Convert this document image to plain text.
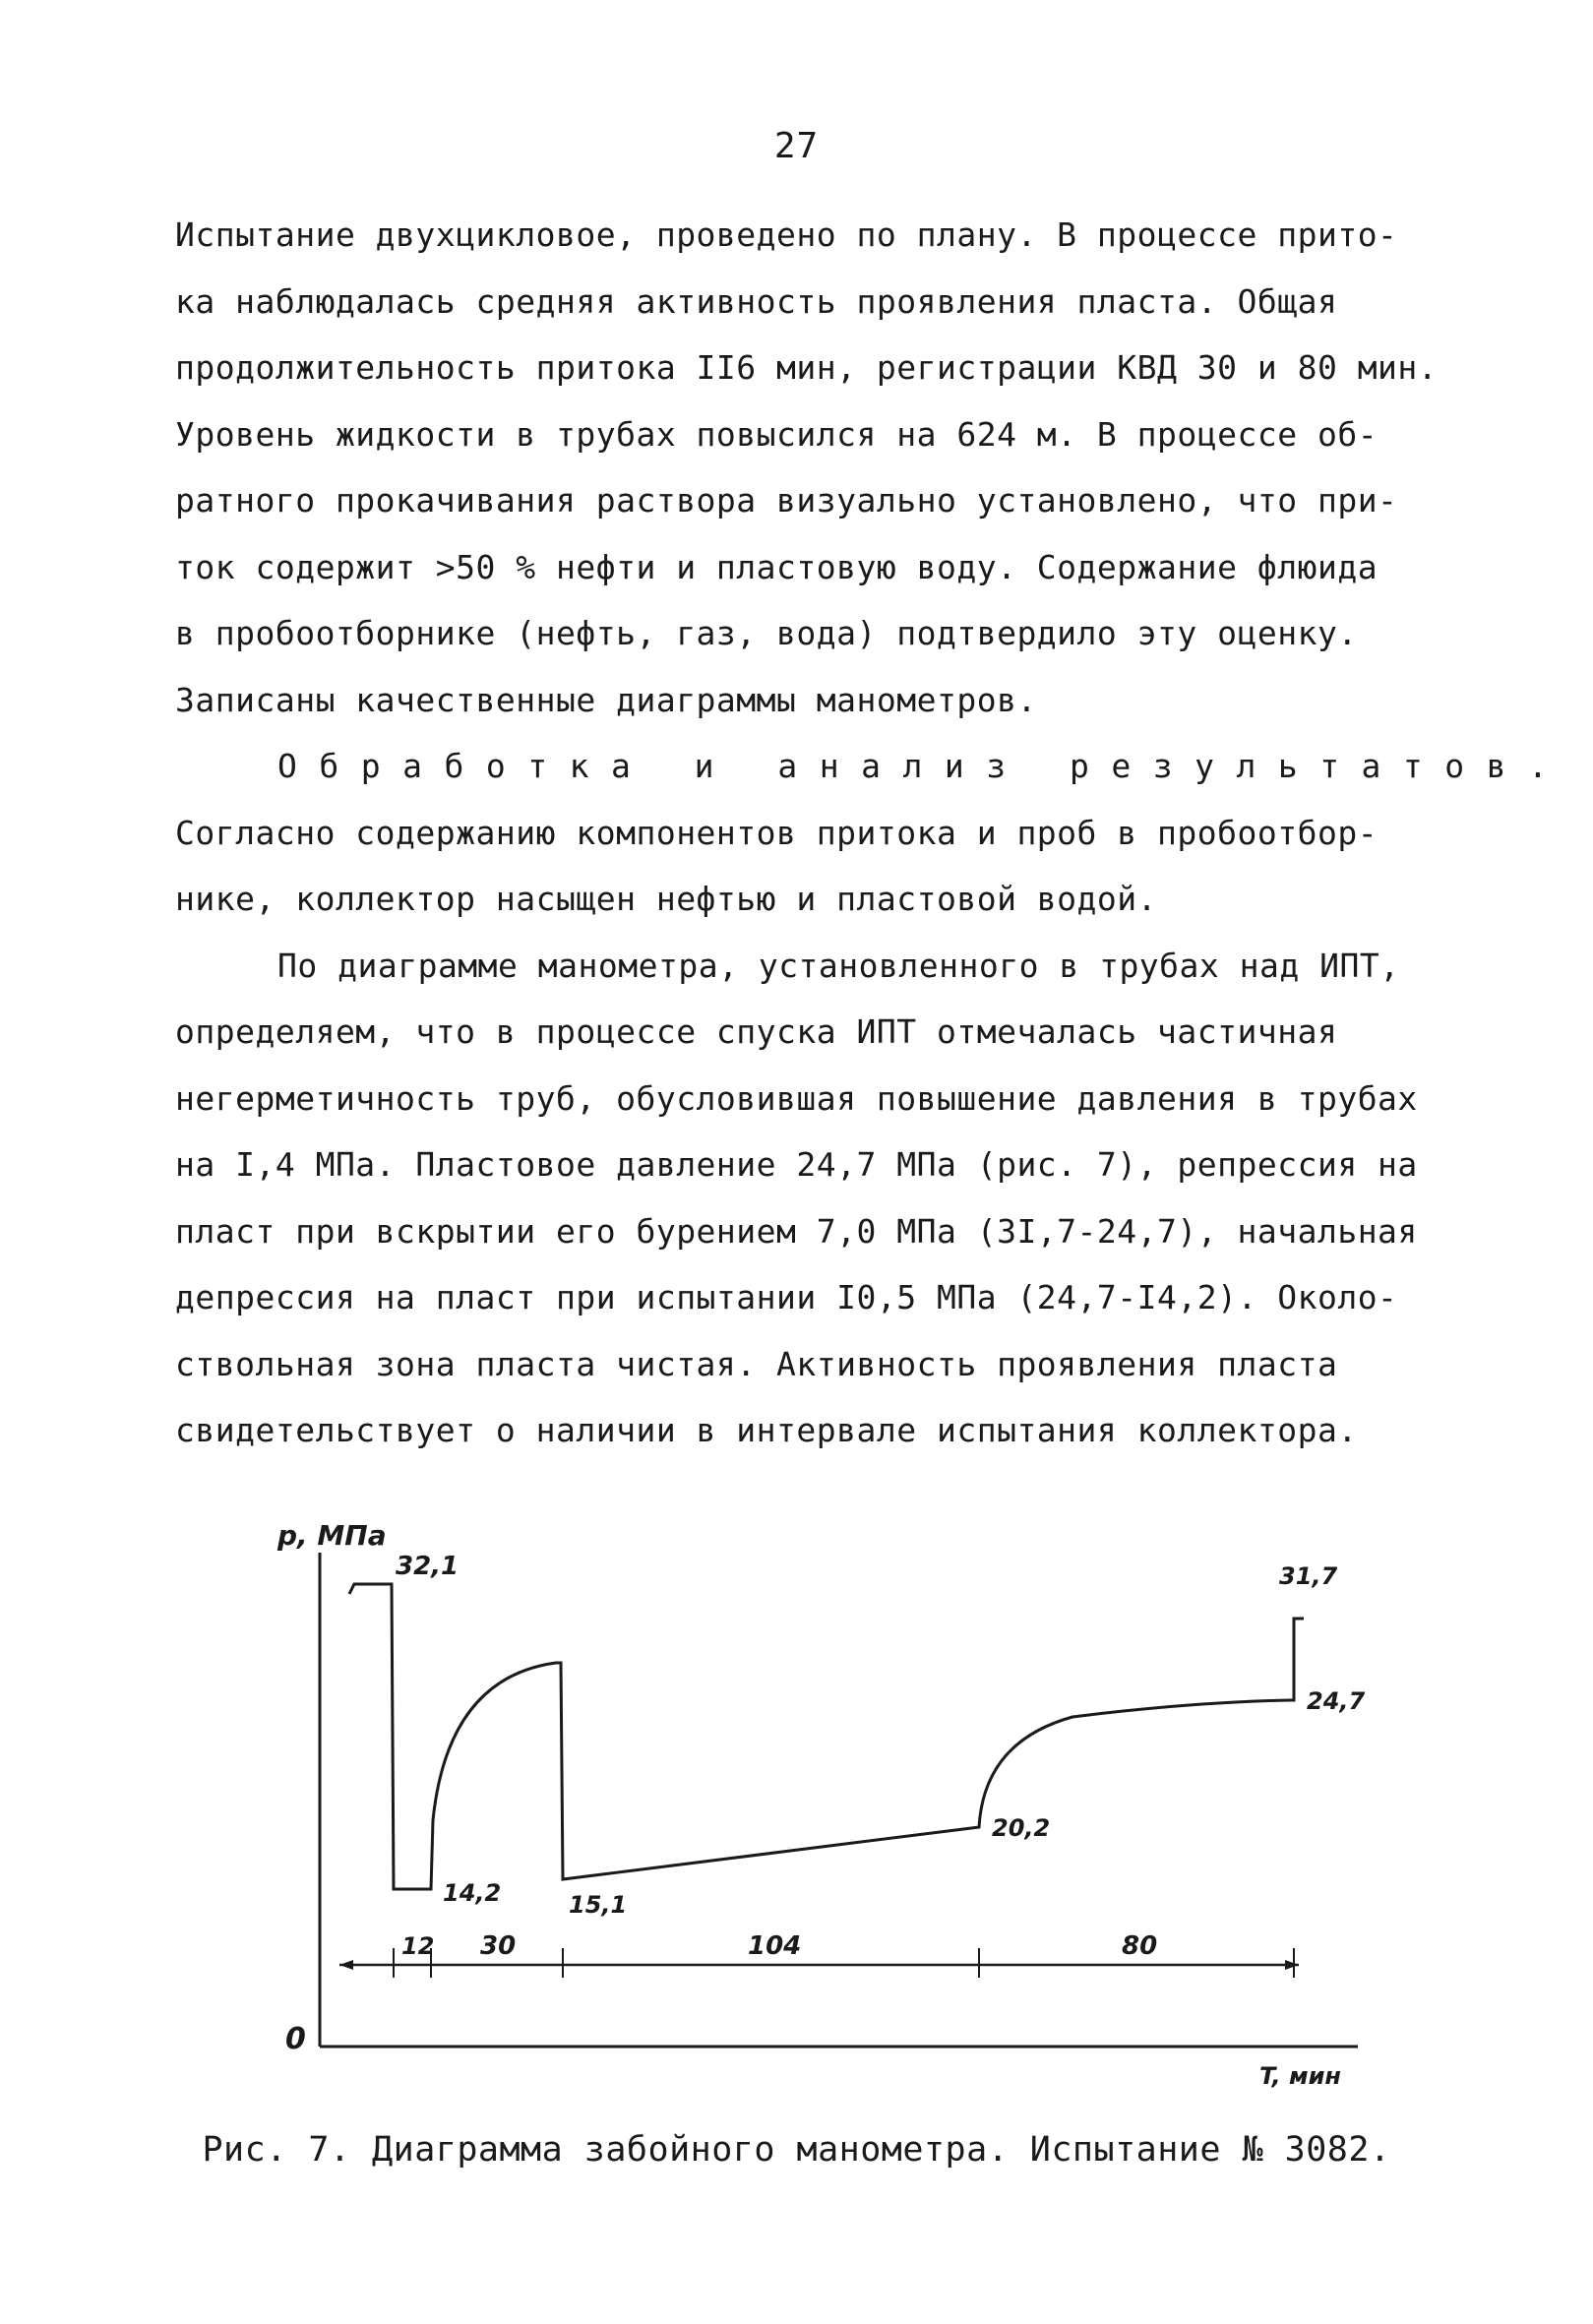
27
Испытание двухцикловое, проведено по плану. В процессе прито-
ка наблюдалась средняя активность проявления пласта. Общая
продолжительность притока II6 мин, регистрации КВД 30 и 80 мин.
Уровень жидкости в трубах повысился на 624 м. В процессе об-
ратного прокачивания раствора визуально установлено, что при-
ток содержит >50 % нефти и пластовую воду. Содержание флюида
в пробоотборнике (нефть, газ, вода) подтвердило эту оценку.
Записаны качественные диаграммы манометров.
Обработка и анализ результатов.
Согласно содержанию компонентов притока и проб в пробоотбор-
нике, коллектор насыщен нефтью и пластовой водой.
По диаграмме манометра, установленного в трубах над ИПТ,
определяем, что в процессе спуска ИПТ отмечалась частичная
негерметичность труб, обусловившая повышение давления в трубах
на I,4 МПа. Пластовое давление 24,7 МПа (рис. 7), репрессия на
пласт при вскрытии его бурением 7,0 МПа (3I,7-24,7), начальная
депрессия на пласт при испытании I0,5 МПа (24,7-I4,2). Около-
ствольная зона пласта чистая. Активность проявления пласта
свидетельствует о наличии в интервале испытания коллектора.
p, МПа
0
T, мин
32,1
14,2	15,1
20,2
24,7
31,7
12 30	104	80
Рис. 7. Диаграмма забойного манометра. Испытание № 3082.
